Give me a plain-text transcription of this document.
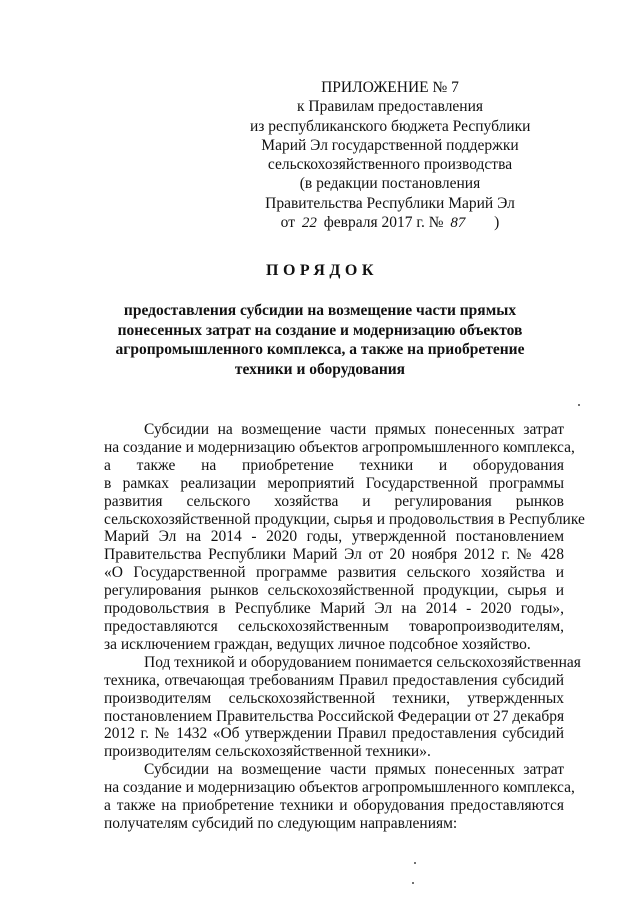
ПРИЛОЖЕНИЕ № 7
к Правилам предоставления
из республиканского бюджета Республики
Марий Эл государственной поддержки
сельскохозяйственного производства
(в редакции постановления
Правительства Республики Марий Эл
от 22 февраля 2017 г. № 87 )
ПОРЯДОК
предоставления субсидии на возмещение части прямых
понесенных затрат на создание и модернизацию объектов
агропромышленного комплекса, а также на приобретение
техники и оборудования
Субсидии на возмещение части прямых понесенных затрат
на создание и модернизацию объектов агропромышленного комплекса,
а также на приобретение техники и оборудования
в рамках реализации мероприятий Государственной программы
развития сельского хозяйства и регулирования рынков
сельскохозяйственной продукции, сырья и продовольствия в Республике
Марий Эл на 2014 - 2020 годы, утвержденной постановлением
Правительства Республики Марий Эл от 20 ноября 2012 г. № 428
«О Государственной программе развития сельского хозяйства и
регулирования рынков сельскохозяйственной продукции, сырья и
продовольствия в Республике Марий Эл на 2014 - 2020 годы»,
предоставляются сельскохозяйственным товаропроизводителям,
за исключением граждан, ведущих личное подсобное хозяйство.
Под техникой и оборудованием понимается сельскохозяйственная
техника, отвечающая требованиям Правил предоставления субсидий
производителям сельскохозяйственной техники, утвержденных
постановлением Правительства Российской Федерации от 27 декабря
2012 г. № 1432 «Об утверждении Правил предоставления субсидий
производителям сельскохозяйственной техники».
Субсидии на возмещение части прямых понесенных затрат
на создание и модернизацию объектов агропромышленного комплекса,
а также на приобретение техники и оборудования предоставляются
получателям субсидий по следующим направлениям:
